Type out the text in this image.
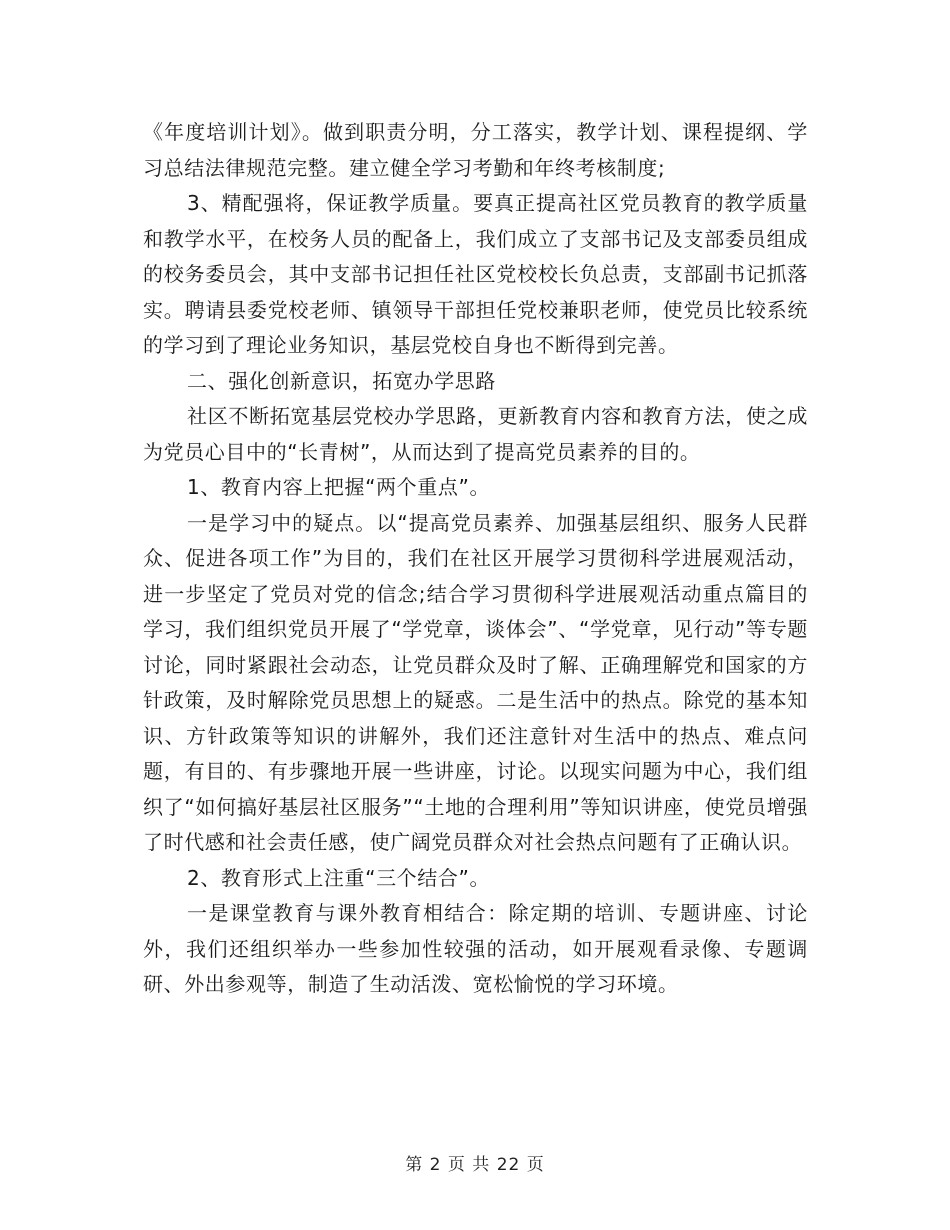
《年度培训计划》。做到职责分明，分工落实，教学计划、课程提纲、学习总结法律规范完整。建立健全学习考勤和年终考核制度;

3、精配强将，保证教学质量。要真正提高社区党员教育的教学质量和教学水平，在校务人员的配备上，我们成立了支部书记及支部委员组成的校务委员会，其中支部书记担任社区党校校长负总责，支部副书记抓落实。聘请县委党校老师、镇领导干部担任党校兼职老师，使党员比较系统的学习到了理论业务知识，基层党校自身也不断得到完善。

二、强化创新意识，拓宽办学思路

社区不断拓宽基层党校办学思路，更新教育内容和教育方法，使之成为党员心目中的“长青树”，从而达到了提高党员素养的目的。

1、教育内容上把握“两个重点”。

一是学习中的疑点。以“提高党员素养、加强基层组织、服务人民群众、促进各项工作”为目的，我们在社区开展学习贯彻科学进展观活动，进一步坚定了党员对党的信念;结合学习贯彻科学进展观活动重点篇目的学习，我们组织党员开展了“学党章，谈体会”、“学党章，见行动”等专题讨论，同时紧跟社会动态，让党员群众及时了解、正确理解党和国家的方针政策，及时解除党员思想上的疑惑。二是生活中的热点。除党的基本知识、方针政策等知识的讲解外，我们还注意针对生活中的热点、难点问题，有目的、有步骤地开展一些讲座，讨论。以现实问题为中心，我们组织了“如何搞好基层社区服务”“土地的合理利用”等知识讲座，使党员增强了时代感和社会责任感，使广阔党员群众对社会热点问题有了正确认识。

2、教育形式上注重“三个结合”。

一是课堂教育与课外教育相结合：除定期的培训、专题讲座、讨论外，我们还组织举办一些参加性较强的活动，如开展观看录像、专题调研、外出参观等，制造了生动活泼、宽松愉悦的学习环境。

第 2 页 共 22 页
